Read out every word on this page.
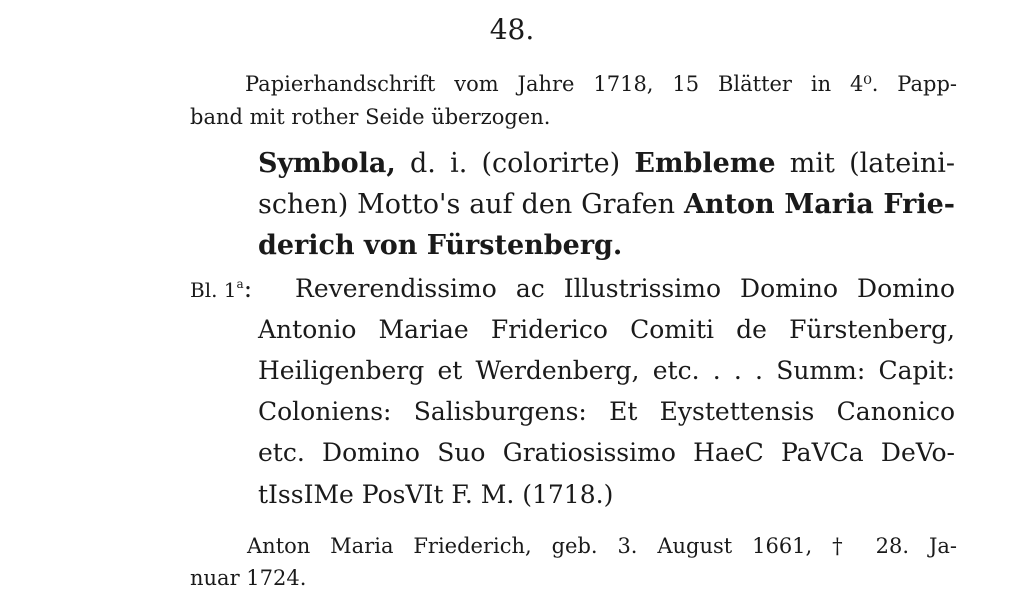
48.
Papierhandschrift vom Jahre 1718, 15 Blätter in 4⁰. Papp-
band mit rother Seide überzogen.
Symbola, d. i. (colorirte) Embleme mit (lateini-
schen) Motto's auf den Grafen Anton Maria Frie-
derich von Fürstenberg.
Bl. 1$^a$: Reverendissimo ac Illustrissimo Domino Domino
Antonio Mariae Friderico Comiti de Fürstenberg,
Heiligenberg et Werdenberg, etc. . . . Summ: Capit:
Coloniens: Salisburgens: Et Eystettensis Canonico
etc. Domino Suo Gratiosissimo HaeC PaVCa DeVo-
tIssIMe PosVIt F. M. (1718.)
Anton Maria Friederich, geb. 3. August 1661, † 28. Ja-
nuar 1724.
